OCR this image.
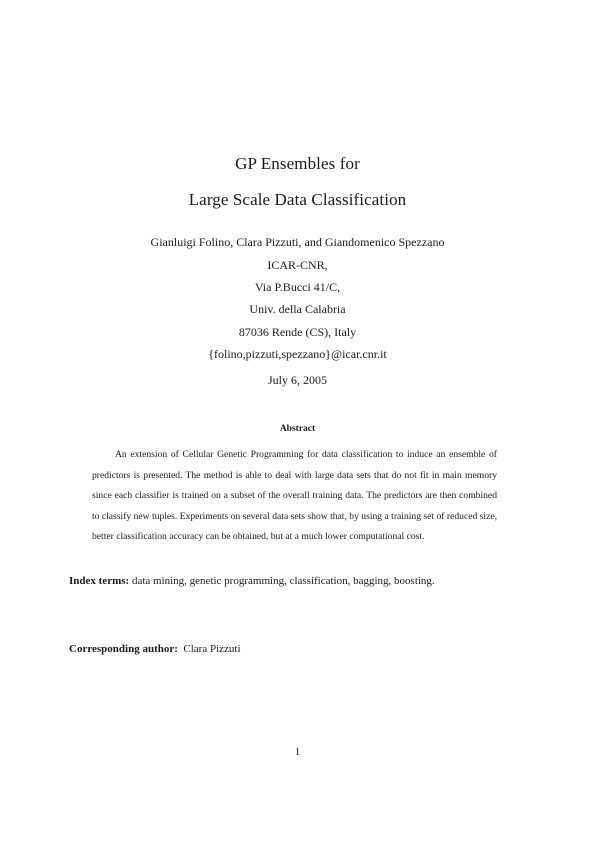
GP Ensembles for
Large Scale Data Classification
Gianluigi Folino, Clara Pizzuti, and Giandomenico Spezzano
ICAR-CNR,
Via P.Bucci 41/C,
Univ. della Calabria
87036 Rende (CS), Italy
{folino,pizzuti,spezzano}@icar.cnr.it
July 6, 2005
Abstract

An extension of Cellular Genetic Programming for data classification to induce an ensemble of predictors is presented. The method is able to deal with large data sets that do not fit in main memory since each classifier is trained on a subset of the overall training data. The predictors are then combined to classify new tuples. Experiments on several data sets show that, by using a training set of reduced size, better classification accuracy can be obtained, but at a much lower computational cost.

Index terms: data mining, genetic programming, classification, bagging, boosting.

Corresponding author: Clara Pizzuti

1
